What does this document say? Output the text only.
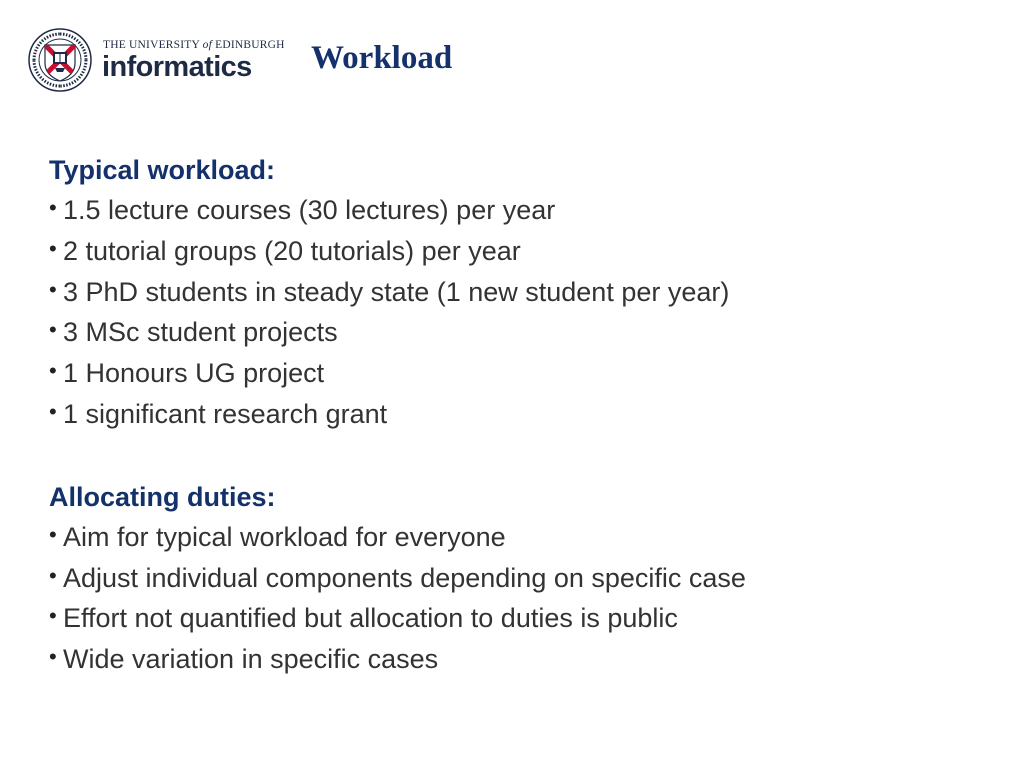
THE UNIVERSITY of EDINBURGH
informatics Workload
Typical workload:
• 1.5 lecture courses (30 lectures) per year
• 2 tutorial groups (20 tutorials) per year
• 3 PhD students in steady state (1 new student per year)
• 3 MSc student projects
• 1 Honours UG project
• 1 significant research grant
Allocating duties:
• Aim for typical workload for everyone
• Adjust individual components depending on specific case
• Effort not quantified but allocation to duties is public
• Wide variation in specific cases
